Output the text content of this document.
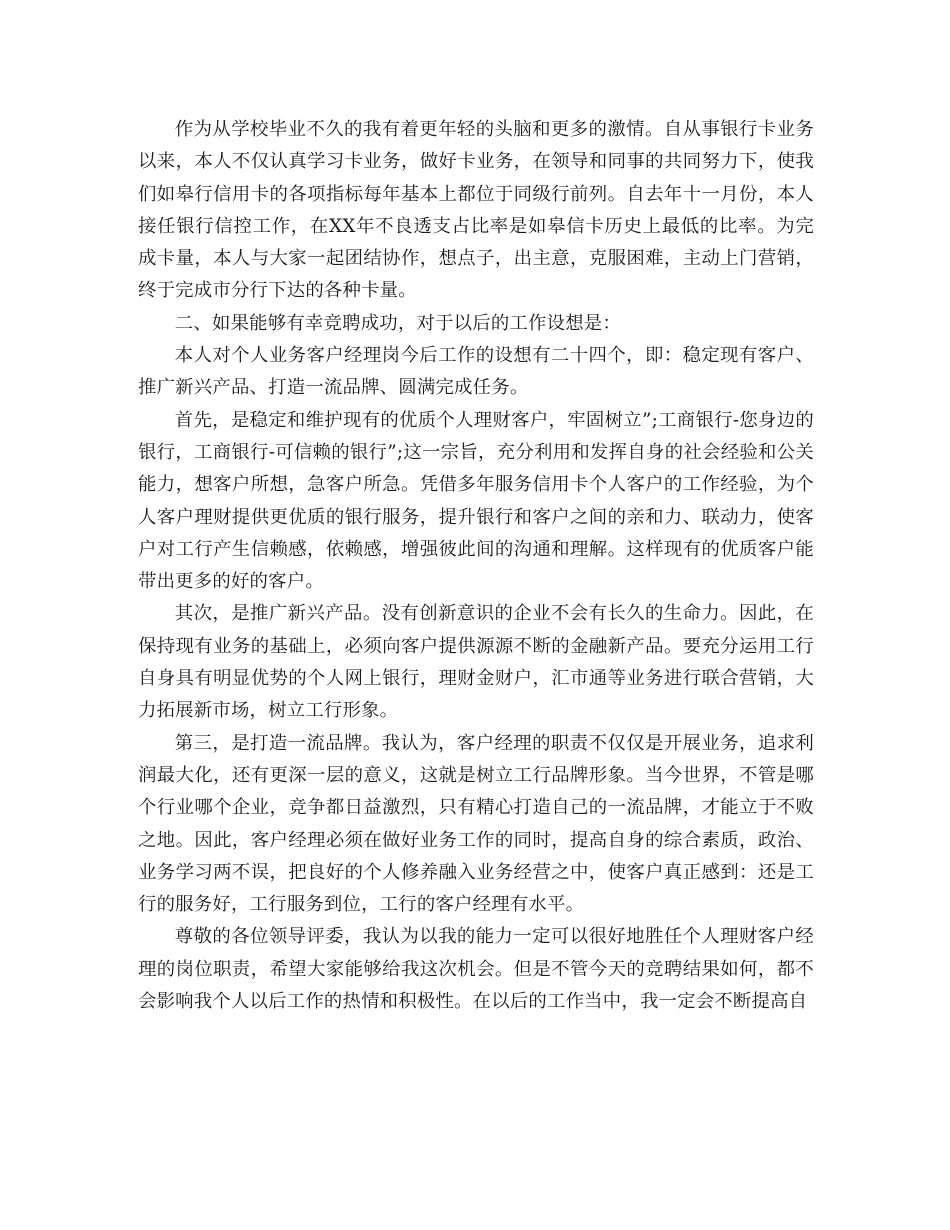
作为从学校毕业不久的我有着更年轻的头脑和更多的激情。自从事银行卡业务以来，本人不仅认真学习卡业务，做好卡业务，在领导和同事的共同努力下，使我们如皋行信用卡的各项指标每年基本上都位于同级行前列。自去年十一月份，本人接任银行信控工作，在XX年不良透支占比率是如皋信卡历史上最低的比率。为完成卡量，本人与大家一起团结协作，想点子，出主意，克服困难，主动上门营销，终于完成市分行下达的各种卡量。

二、如果能够有幸竞聘成功，对于以后的工作设想是：

本人对个人业务客户经理岗今后工作的设想有二十四个，即：稳定现有客户、推广新兴产品、打造一流品牌、圆满完成任务。

首先，是稳定和维护现有的优质个人理财客户，牢固树立”;工商银行-您身边的银行，工商银行-可信赖的银行”;这一宗旨，充分利用和发挥自身的社会经验和公关能力，想客户所想，急客户所急。凭借多年服务信用卡个人客户的工作经验，为个人客户理财提供更优质的银行服务，提升银行和客户之间的亲和力、联动力，使客户对工行产生信赖感，依赖感，增强彼此间的沟通和理解。这样现有的优质客户能带出更多的好的客户。

其次，是推广新兴产品。没有创新意识的企业不会有长久的生命力。因此，在保持现有业务的基础上，必须向客户提供源源不断的金融新产品。要充分运用工行自身具有明显优势的个人网上银行，理财金财户，汇市通等业务进行联合营销，大力拓展新市场，树立工行形象。

第三，是打造一流品牌。我认为，客户经理的职责不仅仅是开展业务，追求利润最大化，还有更深一层的意义，这就是树立工行品牌形象。当今世界，不管是哪个行业哪个企业，竞争都日益激烈，只有精心打造自己的一流品牌，才能立于不败之地。因此，客户经理必须在做好业务工作的同时，提高自身的综合素质，政治、业务学习两不误，把良好的个人修养融入业务经营之中，使客户真正感到：还是工行的服务好，工行服务到位，工行的客户经理有水平。

尊敬的各位领导评委，我认为以我的能力一定可以很好地胜任个人理财客户经理的岗位职责，希望大家能够给我这次机会。但是不管今天的竞聘结果如何，都不会影响我个人以后工作的热情和积极性。在以后的工作当中，我一定会不断提高自
